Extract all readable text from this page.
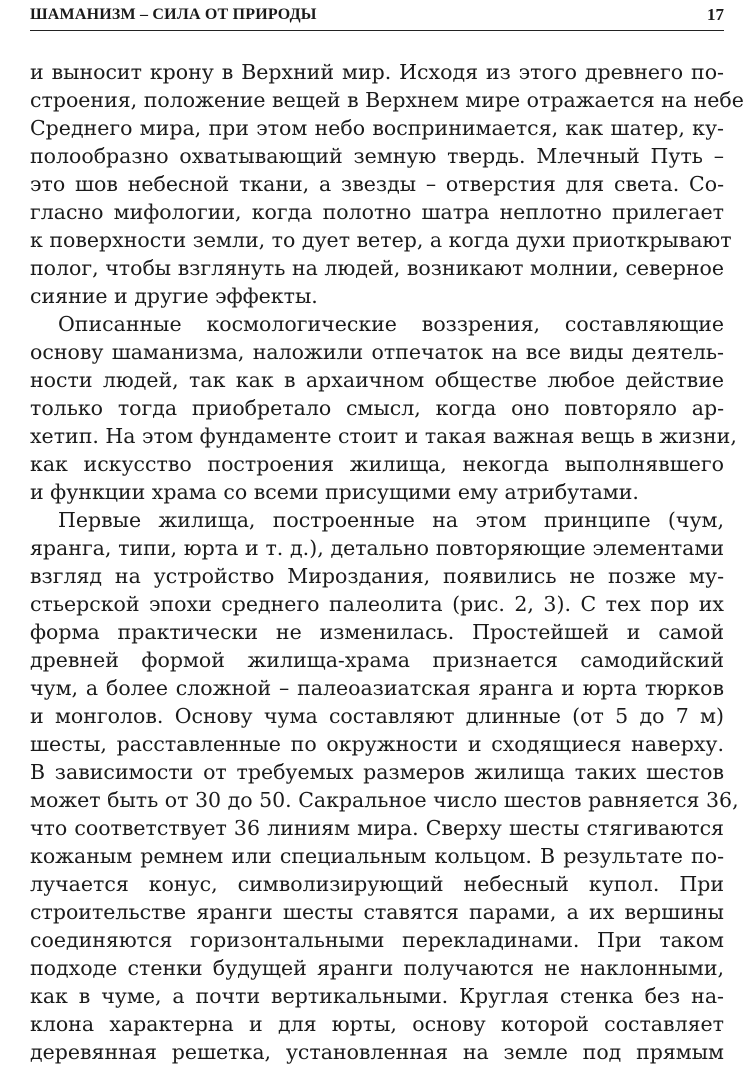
ШАМАНИЗМ – СИЛА ОТ ПРИРОДЫ	17
и выносит крону в Верхний мир. Исходя из этого древнего по-
строения, положение вещей в Верхнем мире отражается на небе
Среднего мира, при этом небо воспринимается, как шатер, ку-
полообразно охватывающий земную твердь. Млечный Путь –
это шов небесной ткани, а звезды – отверстия для света. Со-
гласно мифологии, когда полотно шатра неплотно прилегает
к поверхности земли, то дует ветер, а когда духи приоткрывают
полог, чтобы взглянуть на людей, возникают молнии, северное
сияние и другие эффекты.
Описанные космологические воззрения, составляющие
основу шаманизма, наложили отпечаток на все виды деятель-
ности людей, так как в архаичном обществе любое действие
только тогда приобретало смысл, когда оно повторяло ар-
хетип. На этом фундаменте стоит и такая важная вещь в жизни,
как искусство построения жилища, некогда выполнявшего
и функции храма со всеми присущими ему атрибутами.
Первые жилища, построенные на этом принципе (чум,
яранга, типи, юрта и т. д.), детально повторяющие элементами
взгляд на устройство Мироздания, появились не позже му-
стьерской эпохи среднего палеолита (рис. 2, 3). С тех пор их
форма практически не изменилась. Простейшей и самой
древней формой жилища-храма признается самодийский
чум, а более сложной – палеоазиатская яранга и юрта тюрков
и монголов. Основу чума составляют длинные (от 5 до 7 м)
шесты, расставленные по окружности и сходящиеся наверху.
В зависимости от требуемых размеров жилища таких шестов
может быть от 30 до 50. Сакральное число шестов равняется 36,
что соответствует 36 линиям мира. Сверху шесты стягиваются
кожаным ремнем или специальным кольцом. В результате по-
лучается конус, символизирующий небесный купол. При
строительстве яранги шесты ставятся парами, а их вершины
соединяются горизонтальными перекладинами. При таком
подходе стенки будущей яранги получаются не наклонными,
как в чуме, а почти вертикальными. Круглая стенка без на-
клона характерна и для юрты, основу которой составляет
деревянная решетка, установленная на земле под прямым
